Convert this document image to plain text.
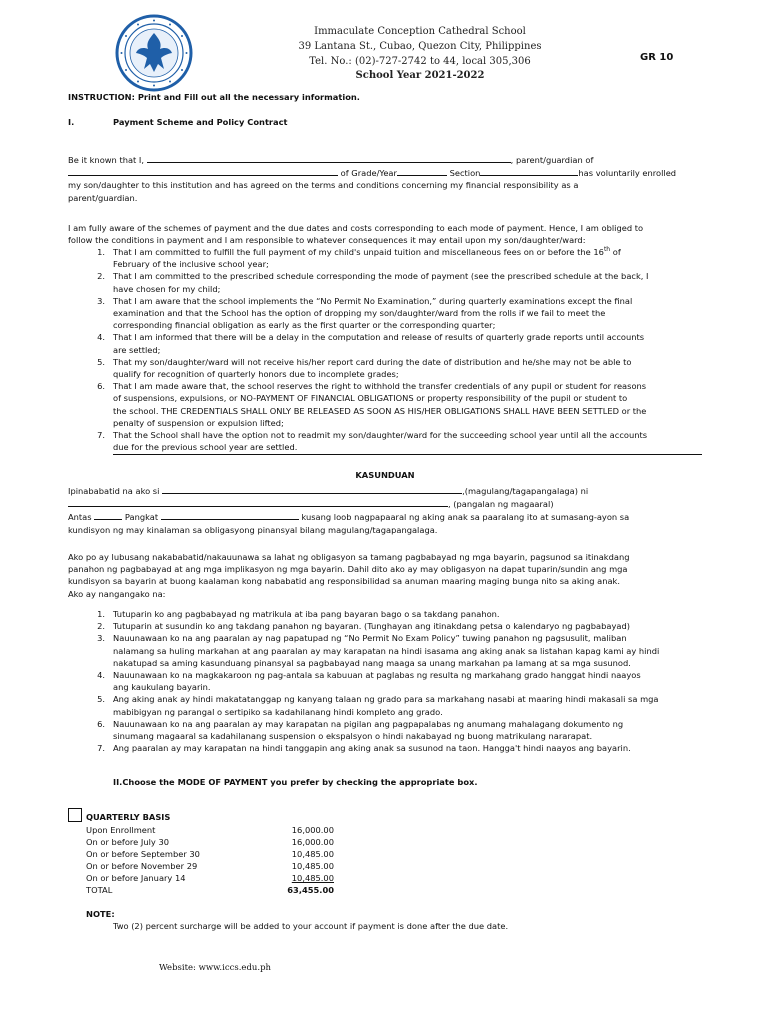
Immaculate Conception Cathedral School
39 Lantana St., Cubao, Quezon City, Philippines
Tel. No.: (02)-727-2742 to 44, local 305,306
School Year 2021-2022
GR 10
INSTRUCTION: Print and Fill out all the necessary information.
I.	Payment Scheme and Policy Contract
Be it known that I,	, parent/guardian of
of Grade/Year	Section	has voluntarily enrolled
my son/daughter to this institution and has agreed on the terms and conditions concerning my financial responsibility as a
parent/guardian.
I am fully aware of the schemes of payment and the due dates and costs corresponding to each mode of payment. Hence, I am obliged to
follow the conditions in payment and I am responsible to whatever consequences it may entail upon my son/daughter/ward:
1. That I am committed to fulfill the full payment of my child's unpaid tuition and miscellaneous fees on or before the 16th of
February of the inclusive school year;
2. That I am committed to the prescribed schedule corresponding the mode of payment (see the prescribed schedule at the back, I
have chosen for my child;
3. That I am aware that the school implements the “No Permit No Examination,” during quarterly examinations except the final
examination and that the School has the option of dropping my son/daughter/ward from the rolls if we fail to meet the
corresponding financial obligation as early as the first quarter or the corresponding quarter;
4. That I am informed that there will be a delay in the computation and release of results of quarterly grade reports until accounts
are settled;
5. That my son/daughter/ward will not receive his/her report card during the date of distribution and he/she may not be able to
qualify for recognition of quarterly honors due to incomplete grades;
6. That I am made aware that, the school reserves the right to withhold the transfer credentials of any pupil or student for reasons
of suspensions, expulsions, or NO-PAYMENT OF FINANCIAL OBLIGATIONS or property responsibility of the pupil or student to
the school. THE CREDENTIALS SHALL ONLY BE RELEASED AS SOON AS HIS/HER OBLIGATIONS SHALL HAVE BEEN SETTLED or the
penalty of suspension or expulsion lifted;
7. That the School shall have the option not to readmit my son/daughter/ward for the succeeding school year until all the accounts
due for the previous school year are settled.
KASUNDUAN
Ipinababatid na ako si	,(magulang/tagapangalaga) ni
, (pangalan ng magaaral)
Antas	Pangkat	kusang loob nagpapaaral ng aking anak sa paaralang ito at sumasang-ayon sa
kundisyon ng may kinalaman sa obligasyong pinansyal bilang magulang/tagapangalaga.
Ako po ay lubusang nakababatid/nakauunawa sa lahat ng obligasyon sa tamang pagbabayad ng mga bayarin, pagsunod sa itinakdang
panahon ng pagbabayad at ang mga implikasyon ng mga bayarin. Dahil dito ako ay may obligasyon na dapat tuparin/sundin ang mga
kundisyon sa bayarin at buong kaalaman kong nababatid ang responsibilidad sa anuman maaring maging bunga nito sa aking anak.
Ako ay nangangako na:
1. Tutuparin ko ang pagbabayad ng matrikula at iba pang bayaran bago o sa takdang panahon.
2. Tutuparin at susundin ko ang takdang panahon ng bayaran. (Tunghayan ang itinakdang petsa o kalendaryo ng pagbabayad)
3. Nauunawaan ko na ang paaralan ay nag papatupad ng “No Permit No Exam Policy” tuwing panahon ng pagsusulit, maliban
nalamang sa huling markahan at ang paaralan ay may karapatan na hindi isasama ang aking anak sa listahan kapag kami ay hindi
nakatupad sa aming kasunduang pinansyal sa pagbabayad nang maaga sa unang markahan pa lamang at sa mga susunod.
4. Nauunawaan ko na magkakaroon ng pag-antala sa kabuuan at paglabas ng resulta ng markahang grado hanggat hindi naayos
ang kaukulang bayarin.
5. Ang aking anak ay hindi makatatanggap ng kanyang talaan ng grado para sa markahang nasabi at maaring hindi makasali sa mga
mabibigyan ng parangal o sertipiko sa kadahilanang hindi kompleto ang grado.
6. Nauunawaan ko na ang paaralan ay may karapatan na pigilan ang pagpapalabas ng anumang mahalagang dokumento ng
sinumang magaaral sa kadahilanang suspension o ekspalsyon o hindi nakabayad ng buong matrikulang nararapat.
7. Ang paaralan ay may karapatan na hindi tanggapin ang aking anak sa susunod na taon. Hangga't hindi naayos ang bayarin.
II.Choose the MODE OF PAYMENT you prefer by checking the appropriate box.
QUARTERLY BASIS
Upon Enrollment	16,000.00
On or before July 30	16,000.00
On or before September 30	10,485.00
On or before November 29	10,485.00
On or before January 14	10,485.00
TOTAL	63,455.00
NOTE:
Two (2) percent surcharge will be added to your account if payment is done after the due date.
Website: www.iccs.edu.ph
